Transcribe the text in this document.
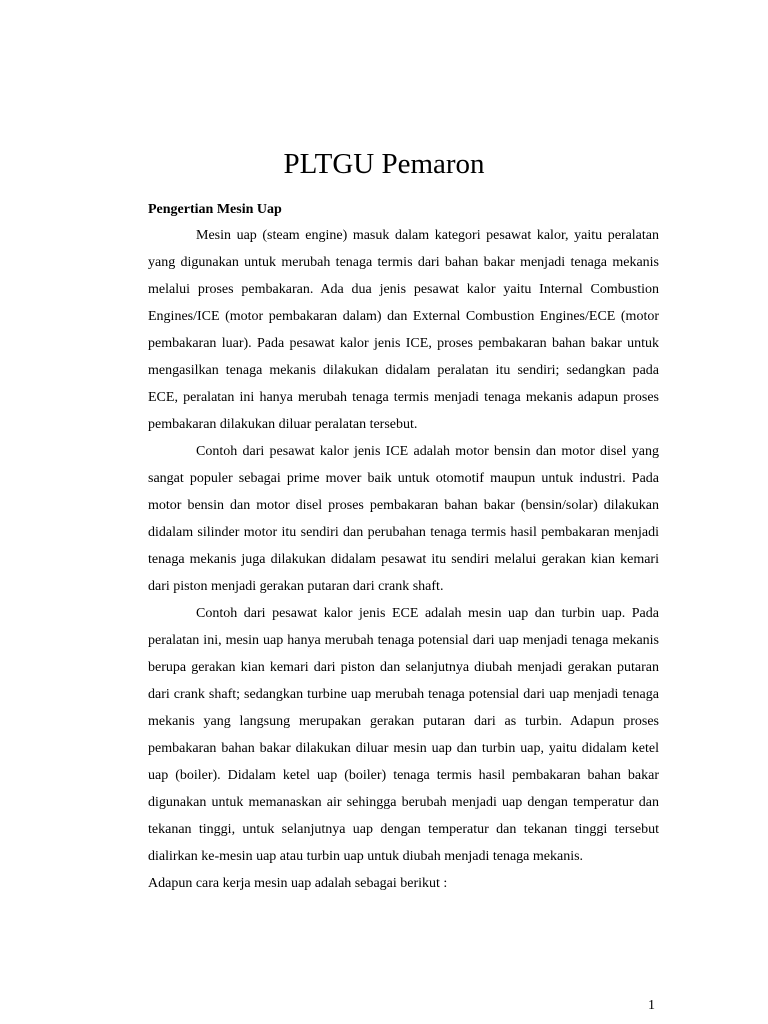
PLTGU Pemaron
Pengertian Mesin Uap

Mesin uap (steam engine) masuk dalam kategori pesawat kalor, yaitu peralatan yang digunakan untuk merubah tenaga termis dari bahan bakar menjadi tenaga mekanis melalui proses pembakaran. Ada dua jenis pesawat kalor yaitu Internal Combustion Engines/ICE (motor pembakaran dalam) dan External Combustion Engines/ECE (motor pembakaran luar). Pada pesawat kalor jenis ICE, proses pembakaran bahan bakar untuk mengasilkan tenaga mekanis dilakukan didalam peralatan itu sendiri; sedangkan pada ECE, peralatan ini hanya merubah tenaga termis menjadi tenaga mekanis adapun proses pembakaran dilakukan diluar peralatan tersebut.

Contoh dari pesawat kalor jenis ICE adalah motor bensin dan motor disel yang sangat populer sebagai prime mover baik untuk otomotif maupun untuk industri. Pada motor bensin dan motor disel proses pembakaran bahan bakar (bensin/solar) dilakukan didalam silinder motor itu sendiri dan perubahan tenaga termis hasil pembakaran menjadi tenaga mekanis juga dilakukan didalam pesawat itu sendiri melalui gerakan kian kemari dari piston menjadi gerakan putaran dari crank shaft.

Contoh dari pesawat kalor jenis ECE adalah mesin uap dan turbin uap. Pada peralatan ini, mesin uap hanya merubah tenaga potensial dari uap menjadi tenaga mekanis berupa gerakan kian kemari dari piston dan selanjutnya diubah menjadi gerakan putaran dari crank shaft; sedangkan turbine uap merubah tenaga potensial dari uap menjadi tenaga mekanis yang langsung merupakan gerakan putaran dari as turbin. Adapun proses pembakaran bahan bakar dilakukan diluar mesin uap dan turbin uap, yaitu didalam ketel uap (boiler). Didalam ketel uap (boiler) tenaga termis hasil pembakaran bahan bakar digunakan untuk memanaskan air sehingga berubah menjadi uap dengan temperatur dan tekanan tinggi, untuk selanjutnya uap dengan temperatur dan tekanan tinggi tersebut dialirkan ke-mesin uap atau turbin uap untuk diubah menjadi tenaga mekanis.

Adapun cara kerja mesin uap adalah sebagai berikut :

1
